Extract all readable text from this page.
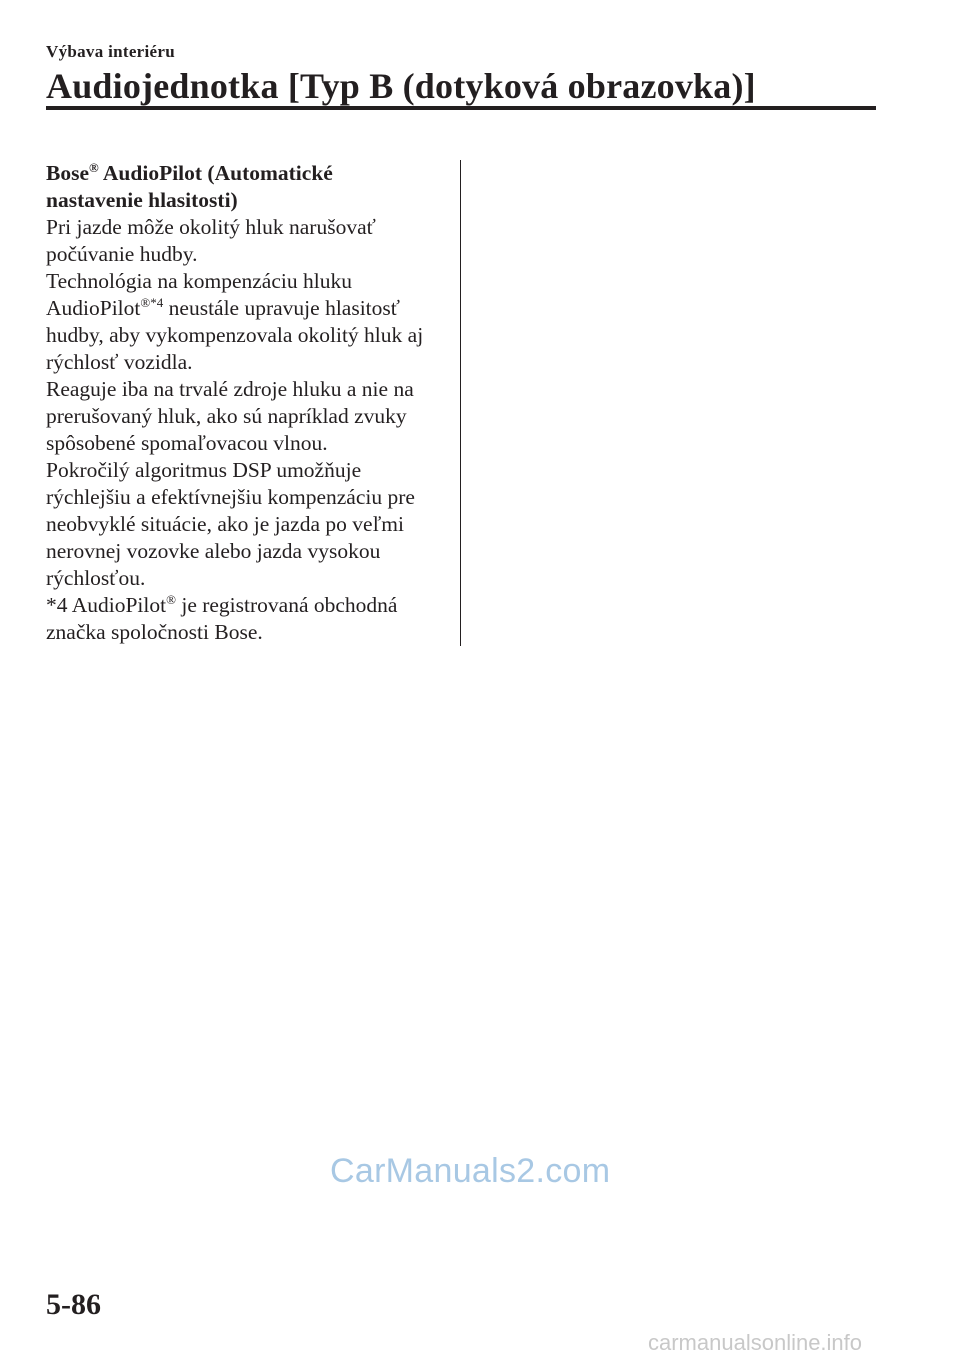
Výbava interiéru
Audiojednotka [Typ B (dotyková obrazovka)]

Bose® AudioPilot (Automatické
nastavenie hlasitosti)

Pri jazde môže okolitý hluk narušovať počúvanie hudby.

Technológia na kompenzáciu hluku AudioPilot$^{®*4}$ neustále upravuje hlasitosť hudby, aby vykompenzovala okolitý hluk aj rýchlosť vozidla.

Reaguje iba na trvalé zdroje hluku a nie na prerušovaný hluk, ako sú napríklad zvuky spôsobené spomaľovacou vlnou.

Pokročilý algoritmus DSP umožňuje rýchlejšiu a efektívnejšiu kompenzáciu pre neobvyklé situácie, ako je jazda po veľmi nerovnej vozovke alebo jazda vysokou rýchlosťou.

*4 AudioPilot® je registrovaná obchodná značka spoločnosti Bose.

CarManuals2.com
5-86
carmanualsonline.info
